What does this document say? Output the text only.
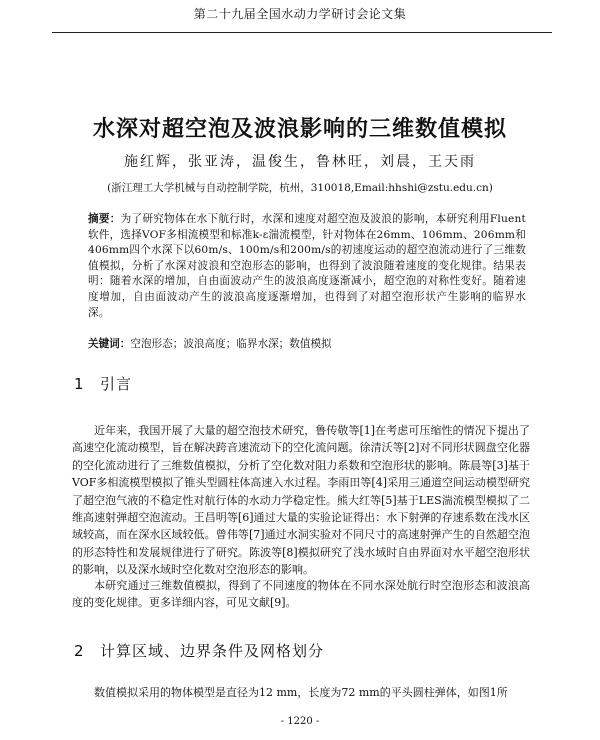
第二十九届全国水动力学研讨会论文集
水深对超空泡及波浪影响的三维数值模拟
施红辉，张亚涛，温俊生，鲁林旺，刘晨，王天雨
(浙江理工大学机械与自动控制学院，杭州，310018,Email:hhshi@zstu.edu.cn)
摘要：为了研究物体在水下航行时，水深和速度对超空泡及波浪的影响，本研究利用Fluent软件，选择VOF多相流模型和标准k-ε湍流模型，针对物体在26mm、106mm、206mm和406mm四个水深下以60m/s、100m/s和200m/s的初速度运动的超空泡流动进行了三维数值模拟，分析了水深对波浪和空泡形态的影响，也得到了波浪随着速度的变化规律。结果表明：随着水深的增加，自由面波动产生的波浪高度逐渐减小，超空泡的对称性变好。随着速度增加，自由面波动产生的波浪高度逐渐增加，也得到了对超空泡形状产生影响的临界水深。
关键词：空泡形态；波浪高度；临界水深；数值模拟
1 引言
近年来，我国开展了大量的超空泡技术研究，鲁传敬等[1]在考虑可压缩性的情况下提出了高速空化流动模型，旨在解决跨音速流动下的空化流问题。徐清沃等[2]对不同形状圆盘空化器的空化流动进行了三维数值模拟，分析了空化数对阻力系数和空泡形状的影响。陈晨等[3]基于VOF多相流模型模拟了锥头型圆柱体高速入水过程。李雨田等[4]采用三通道空间运动模型研究了超空泡气液的不稳定性对航行体的水动力学稳定性。熊大红等[5]基于LES湍流模型模拟了二维高速射弹超空泡流动。王昌明等[6]通过大量的实验论证得出：水下射弹的存速系数在浅水区域较高，而在深水区域较低。曾伟等[7]通过水洞实验对不同尺寸的高速射弹产生的自然超空泡的形态特性和发展规律进行了研究。陈波等[8]模拟研究了浅水域时自由界面对水平超空泡形状的影响，以及深水域时空化数对空泡形态的影响。
本研究通过三维数值模拟，得到了不同速度的物体在不同水深处航行时空泡形态和波浪高度的变化规律。更多详细内容，可见文献[9]。
2 计算区域、边界条件及网格划分
数值模拟采用的物体模型是直径为12 mm，长度为72 mm的平头圆柱弹体，如图1所
- 1220 -
